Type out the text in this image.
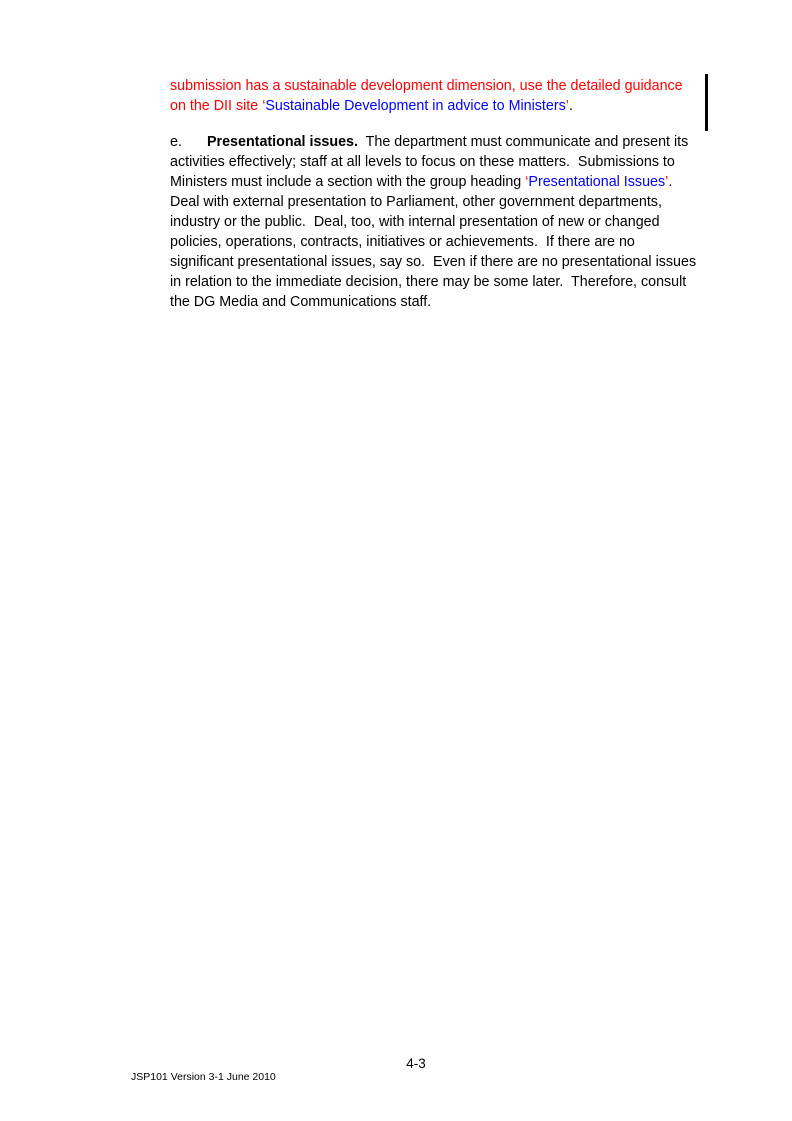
submission has a sustainable development dimension, use the detailed guidance on the DII site ‘Sustainable Development in advice to Ministers’.

e. Presentational issues.  The department must communicate and present its activities effectively; staff at all levels to focus on these matters.  Submissions to Ministers must include a section with the group heading ‘Presentational Issues’.  Deal with external presentation to Parliament, other government departments, industry or the public.  Deal, too, with internal presentation of new or changed policies, operations, contracts, initiatives or achievements.  If there are no significant presentational issues, say so.  Even if there are no presentational issues in relation to the immediate decision, there may be some later.  Therefore, consult the DG Media and Communications staff.

4-3
JSP101 Version 3-1 June 2010
